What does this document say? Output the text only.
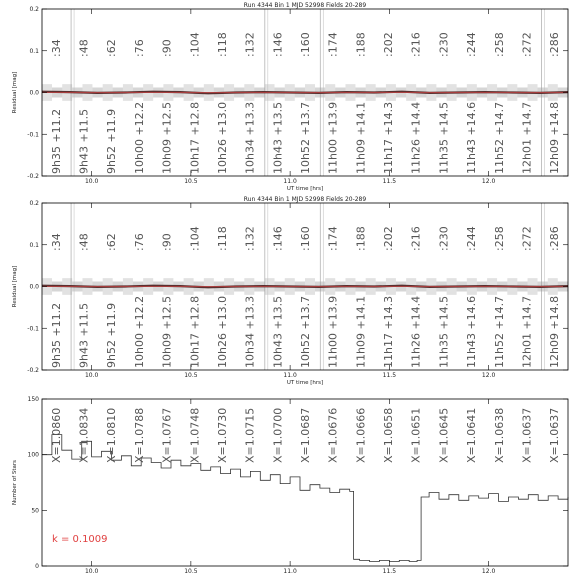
:34 :48 :62 :76 :90 :104 :118 :132 :146 :160 :174 :188 :202 :216 :230 :244 :258 :272 :286
9h35 +11.2 9h43 +11.5 9h52 +11.9 10h00 +12.2 10h09 +12.5 10h17 +12.8 10h26 +13.0 10h34 +13.3 10h43 +13.5 10h52 +13.7 11h00 +13.9 11h09 +14.1 11h17 +14.3 11h26 +14.4 11h35 +14.5 11h43 +14.6 11h52 +14.7 12h01 +14.7 12h09 +14.8
10.0	10.5	11.0	11.5	12.0
-0.2
-0.1
0.0
0.1
0.2
Run 4344 Bin 1 MJD 52998 Fields 20-289
UT time [hrs]
Residual [mag]
:34 :48 :62 :76 :90 :104 :118 :132 :146 :160 :174 :188 :202 :216 :230 :244 :258 :272 :286
9h35 +11.2 9h43 +11.5 9h52 +11.9 10h00 +12.2 10h09 +12.5 10h17 +12.8 10h26 +13.0 10h34 +13.3 10h43 +13.5 10h52 +13.7 11h00 +13.9 11h09 +14.1 11h17 +14.3 11h26 +14.4 11h35 +14.5 11h43 +14.6 11h52 +14.7 12h01 +14.7 12h09 +14.8
10.0	10.5	11.0	11.5	12.0
-0.2
-0.1
0.0
0.1
0.2
Run 4344 Bin 1 MJD 52998 Fields 20-289
UT time [hrs]
Residual [mag]
X=1.0860 X=1.0834 X=1.0810 X=1.0788 X=1.0767 X=1.0748 X=1.0730 X=1.0715 X=1.0700 X=1.0687 X=1.0676 X=1.0666 X=1.0658 X=1.0651 X=1.0645 X=1.0641 X=1.0638 X=1.0637 X=1.0637
k = 0.1009
10.0	10.5	11.0	11.5	12.0
0
50
100
150
Number of Stars
